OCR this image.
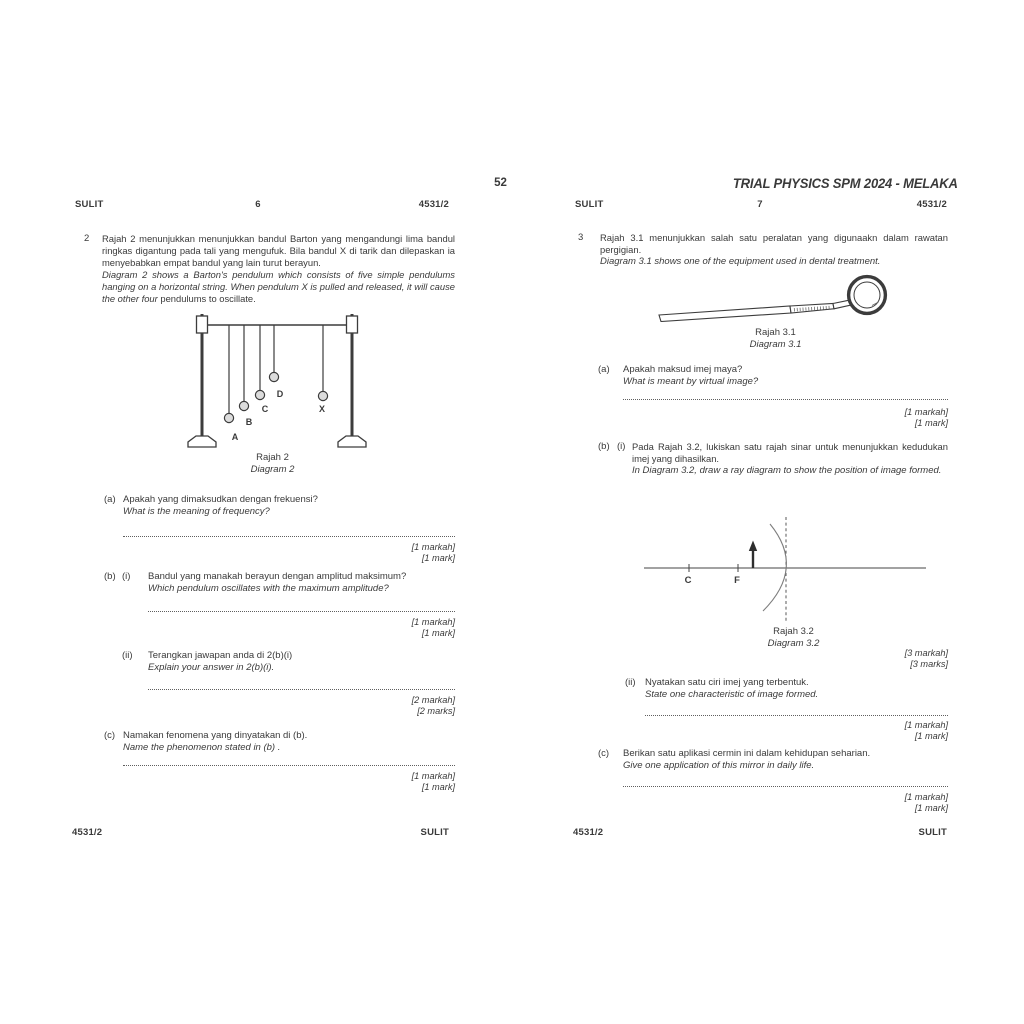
52	TRIAL PHYSICS SPM 2024 - MELAKA
SULIT	6	4531/2
2 Rajah 2 menunjukkan menunjukkan bandul Barton yang mengandungi lima bandul ringkas digantung pada tali yang mengufuk. Bila bandul X di tarik dan dilepaskan ia menyebabkan empat bandul yang lain turut berayun.
Diagram 2 shows a Barton's pendulum which consists of five simple pendulums hanging on a horizontal string. When pendulum X is pulled and released, it will cause the other four pendulums to oscillate.
A
B
C
D
X
Rajah 2
Diagram 2
(a) Apakah yang dimaksudkan dengan frekuensi?
What is the meaning of frequency?
[1 markah]
[1 mark]
(b) (i) Bandul yang manakah berayun dengan amplitud maksimum?
Which pendulum oscillates with the maximum amplitude?
[1 markah]
[1 mark]
(ii) Terangkan jawapan anda di 2(b)(i)
Explain your answer in 2(b)(i).
[2 markah]
[2 marks]
(c) Namakan fenomena yang dinyatakan di (b).
Name the phenomenon stated in (b) .
[1 markah]
[1 mark]
4531/2	SULIT
SULIT	7	4531/2
3 Rajah 3.1 menunjukkan salah satu peralatan yang digunaakn dalam rawatan pergigian.
Diagram 3.1 shows one of the equipment used in dental treatment.
Rajah 3.1
Diagram 3.1
(a) Apakah maksud imej maya?
What is meant by virtual image?
[1 markah]
[1 mark]
(b) (i) Pada Rajah 3.2, lukiskan satu rajah sinar untuk menunjukkan kedudukan imej yang dihasilkan.
In Diagram 3.2, draw a ray diagram to show the position of image formed.
C	F
Rajah 3.2
Diagram 3.2
[3 markah]
[3 marks]
(ii) Nyatakan satu ciri imej yang terbentuk.
State one characteristic of image formed.
[1 markah]
[1 mark]
(c) Berikan satu aplikasi cermin ini dalam kehidupan seharian.
Give one application of this mirror in daily life.
[1 markah]
[1 mark]
4531/2	SULIT
